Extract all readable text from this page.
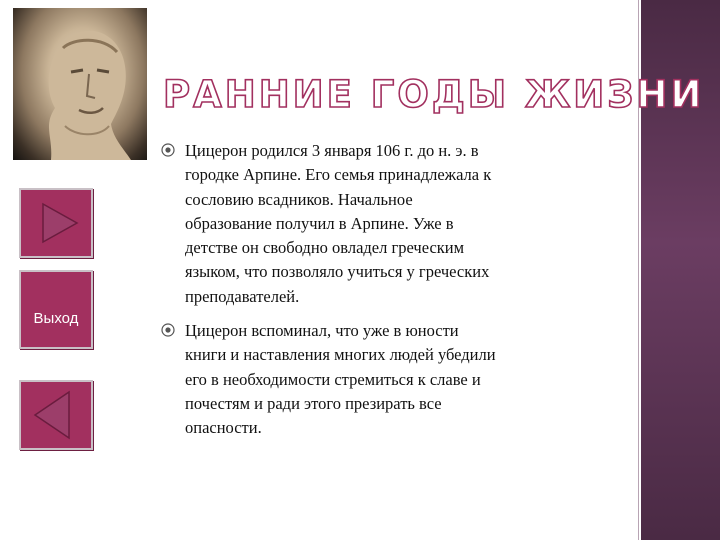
Выход
РАННИЕ ГОДЫ ЖИЗНИ
Цицерон родился 3 января 106 г. до н. э. в городке Арпине. Его семья принадлежала к сословию всадников. Начальное образование получил в Арпине. Уже в детстве он свободно овладел греческим языком, что позволяло учиться у греческих преподавателей.
Цицерон вспоминал, что уже в юности книги и наставления многих людей убедили его в необходимости стремиться к славе и почестям и ради этого презирать все опасности.
